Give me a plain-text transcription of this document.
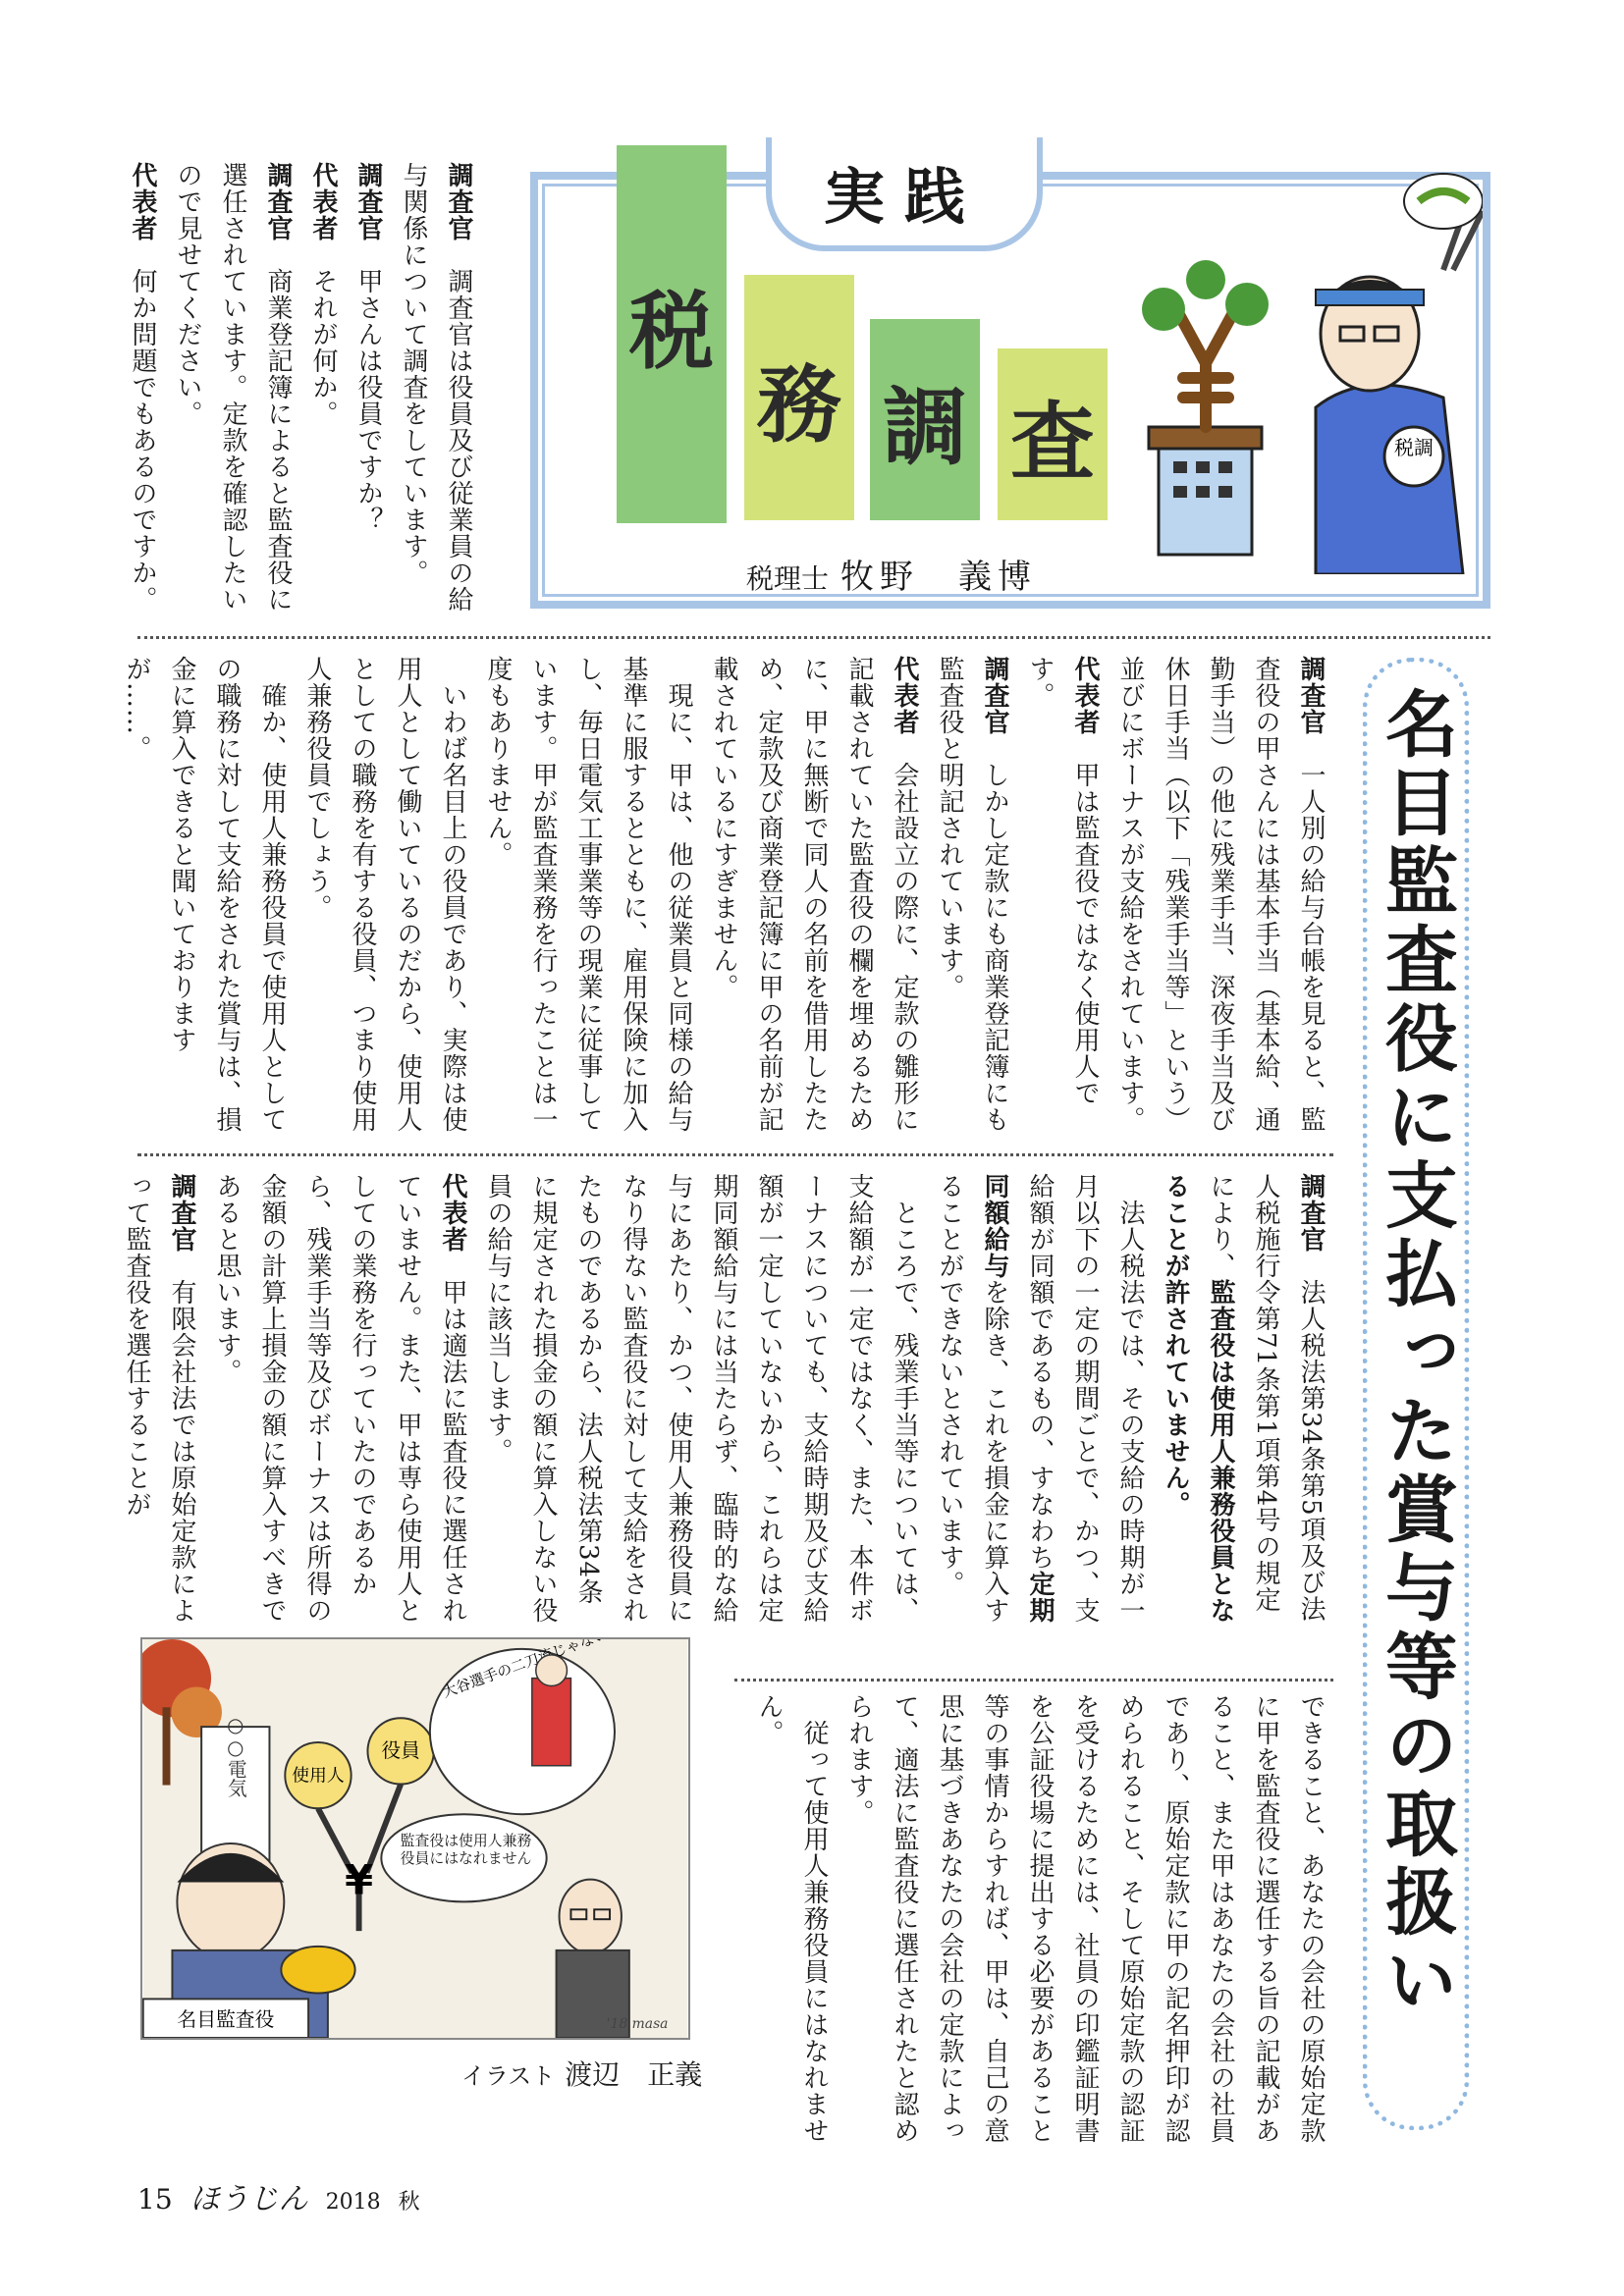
調査官　調査官は役員及び従業員の給与関係について調査をしています。

調査官　甲さんは役員ですか？

代表者　それが何か。

調査官　商業登記簿によると監査役に選任されています。定款を確認したいので見せてください。

代表者　何か問題でもあるのですか。

実践
税
務 調 査
税理士 牧野　義博
税調
名目監査役に支払った賞与等の取扱い

調査官　一人別の給与台帳を見ると、監査役の甲さんには基本手当（基本給、通勤手当）の他に残業手当、深夜手当及び休日手当（以下「残業手当等」という）並びにボーナスが支給をされています。

代表者　甲は監査役ではなく使用人です。

調査官　しかし定款にも商業登記簿にも監査役と明記されています。

代表者　会社設立の際に、定款の雛形に記載されていた監査役の欄を埋めるために、甲に無断で同人の名前を借用したため、定款及び商業登記簿に甲の名前が記載されているにすぎません。

　現に、甲は、他の従業員と同様の給与基準に服するとともに、雇用保険に加入し、毎日電気工事業等の現業に従事しています。甲が監査業務を行ったことは一度もありません。

　いわば名目上の役員であり、実際は使用人として働いているのだから、使用人としての職務を有する役員、つまり使用人兼務役員でしょう。

　確か、使用人兼務役員で使用人としての職務に対して支給をされた賞与は、損金に算入できると聞いておりますが……。

調査官　法人税法第34条第5項及び法人税施行令第71条第1項第4号の規定により、監査役は使用人兼務役員となることが許されていません。

　法人税法では、その支給の時期が一月以下の一定の期間ごとで、かつ、支給額が同額であるもの、すなわち定期同額給与を除き、これを損金に算入することができないとされています。

　ところで、残業手当等については、支給額が一定ではなく、また、本件ボーナスについても、支給時期及び支給額が一定していないから、これらは定期同額給与には当たらず、臨時的な給与にあたり、かつ、使用人兼務役員になり得ない監査役に対して支給をされたものであるから、法人税法第34条に規定された損金の額に算入しない役員の給与に該当します。

代表者　甲は適法に監査役に選任されていません。また、甲は専ら使用人としての業務を行っていたのであるから、残業手当等及びボーナスは所得の金額の計算上損金の額に算入すべきであると思います。

調査官　有限会社法では原始定款によって監査役を選任することが

できること、あなたの会社の原始定款に甲を監査役に選任する旨の記載があること、また甲はあなたの会社の社員であり、原始定款に甲の記名押印が認められること、そして原始定款の認証を受けるためには、社員の印鑑証明書を公証役場に提出する必要があること等の事情からすれば、甲は、自己の意思に基づきあなたの会社の定款によって、適法に監査役に選任されたと認められます。

　従って使用人兼務役員にはなれません。

○○電気	使用人
役員
¥
名目監査役
監査役は使用人兼務役員にはなれません
'18 masa
イラスト 渡辺　正義
15 ほうじん 2018 秋
